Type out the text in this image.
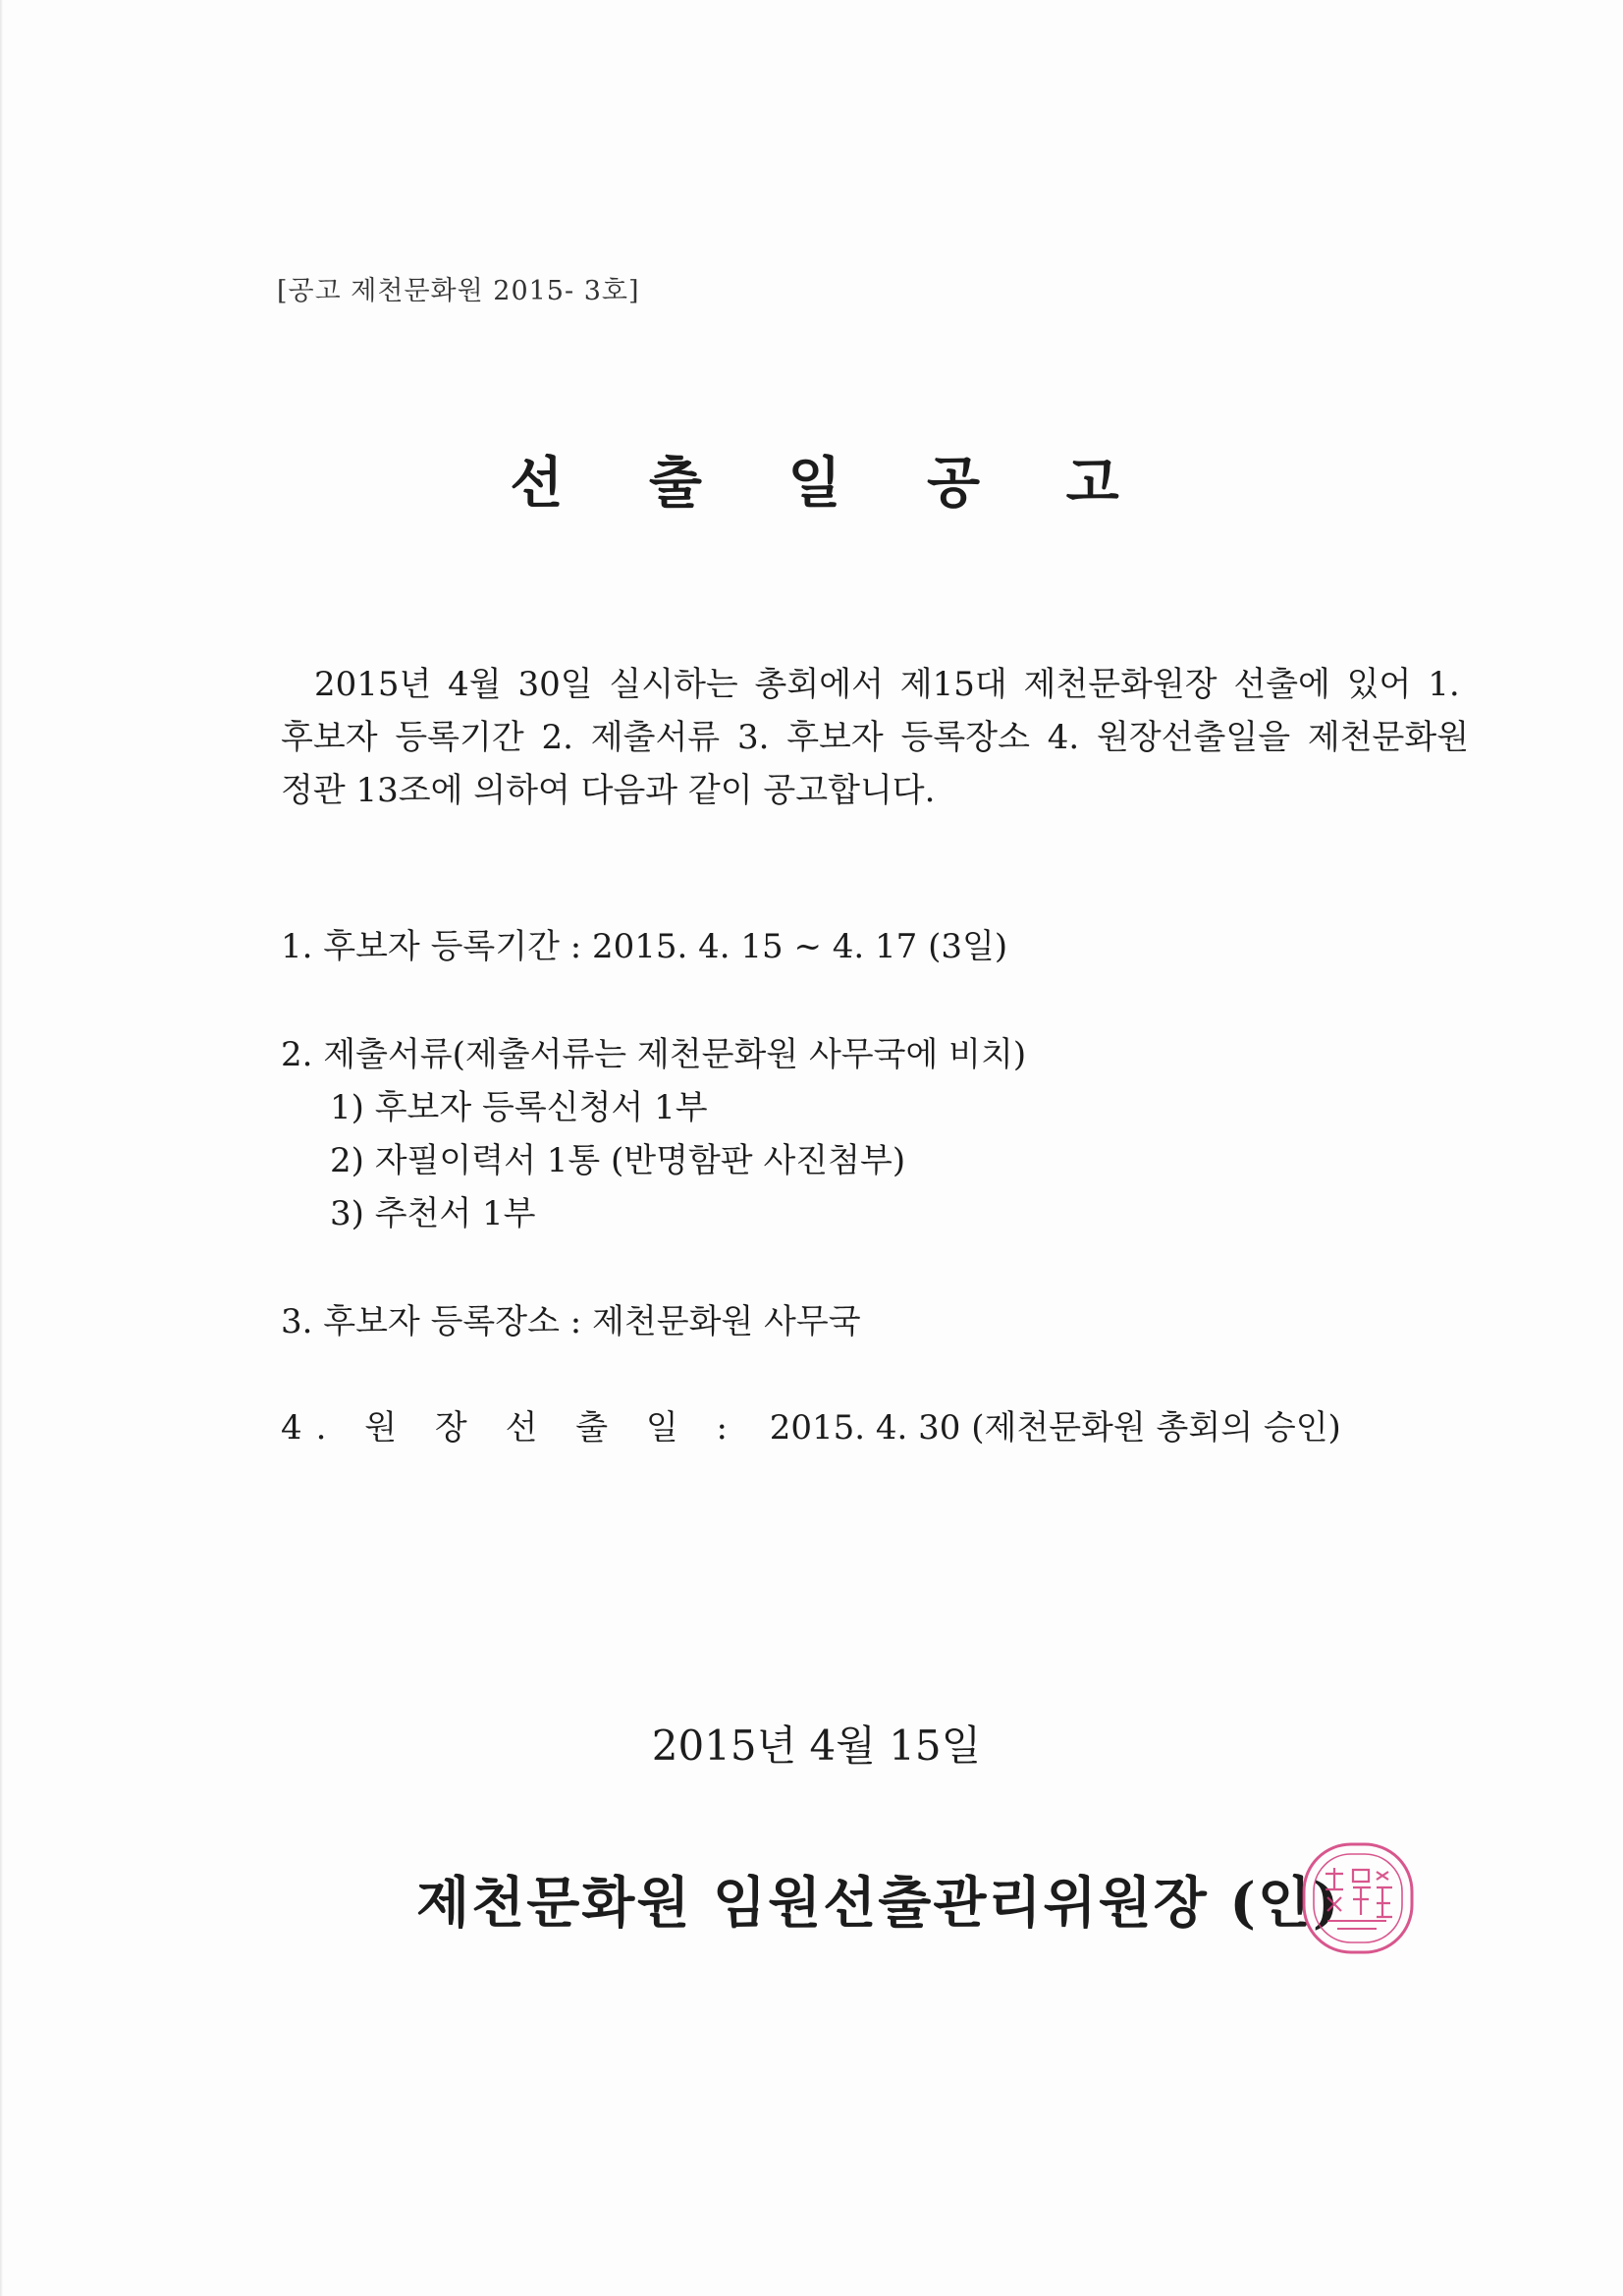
[공고 제천문화원 2015- 3호]
선 출 일 공 고
2015년 4월 30일 실시하는 총회에서 제15대 제천문화원장 선출에 있어 1.
후보자 등록기간 2. 제출서류 3. 후보자 등록장소 4. 원장선출일을 제천문화원
정관 13조에 의하여 다음과 같이 공고합니다.
1. 후보자 등록기간 : 2015. 4. 15 ~ 4. 17 (3일)
2. 제출서류(제출서류는 제천문화원 사무국에 비치)
1) 후보자 등록신청서 1부
2) 자필이력서 1통 (반명함판 사진첨부)
3) 추천서 1부
3. 후보자 등록장소 : 제천문화원 사무국
4. 원 장 선 출 일 : 2015. 4. 30 (제천문화원 총회의 승인)
2015년 4월 15일
제천문화원 임원선출관리위원장 (인)
